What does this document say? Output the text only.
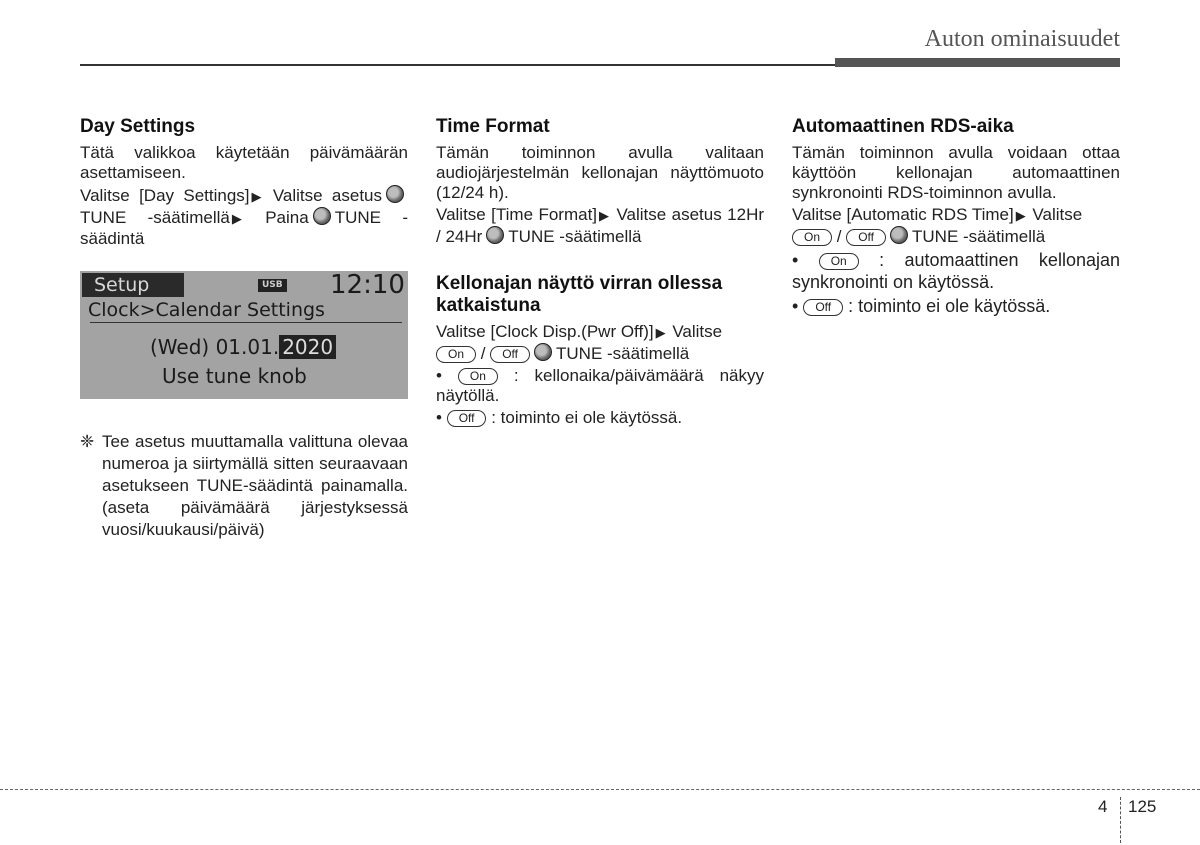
Auton ominaisuudet
Day Settings

Tätä valikkoa käytetään päivämäärän asettamiseen.

Valitse [Day Settings] ▶ Valitse asetusTUNE -säätimellä ▶ Paina TUNE -säädintä

Setup	USB 12:10
Clock>Calendar Settings
(Wed) 01.01. 2020
Use tune knob
❈ Tee asetus muuttamalla valittuna olevaa numeroa ja siirtymällä sitten seuraavaan asetukseen TUNE-säädintä painamalla. (aseta päivämäärä järjestyksessä vuosi/kuukausi/päivä)
Time Format

Tämän toiminnon avulla valitaan audiojärjestelmän kellonajan näyttömuoto (12/24 h).

Valitse [Time Format] ▶ Valitse asetus 12Hr / 24Hr TUNE -säätimellä

Kellonajan näyttö virran ollessa katkaistuna

Valitse [Clock Disp.(Pwr Off)] ▶ Valitse
On / Off TUNE -säätimellä

• On : kellonaika/päivämäärä näkyy näytöllä.

• Off : toiminto ei ole käytössä.

Automaattinen RDS-aika

Tämän toiminnon avulla voidaan ottaa käyttöön kellonajan automaattinen synkronointi RDS-toiminnon avulla.

Valitse [Automatic RDS Time] ▶ Valitse
On / Off TUNE -säätimellä

• On : automaattinen kellonajan synkronointi on käytössä.

• Off : toiminto ei ole käytössä.

4 125
